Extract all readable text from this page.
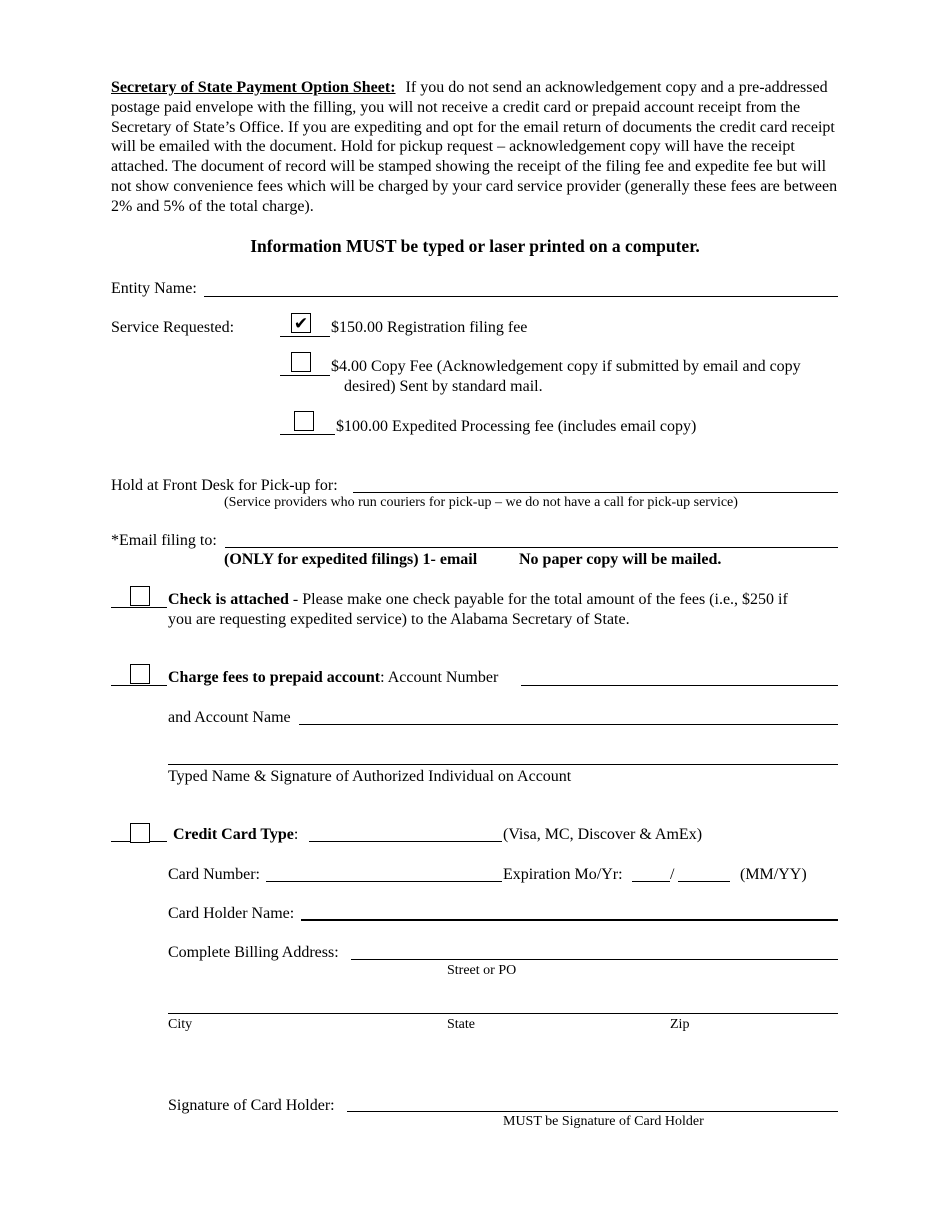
Secretary of State Payment Option Sheet: If you do not send an acknowledgement copy and a pre-addressed postage paid envelope with the filling, you will not receive a credit card or prepaid account receipt from the Secretary of State’s Office. If you are expediting and opt for the email return of documents the credit card receipt will be emailed with the document. Hold for pickup request – acknowledgement copy will have the receipt attached. The document of record will be stamped showing the receipt of the filing fee and expedite fee but will not show convenience fees which will be charged by your card service provider (generally these fees are between 2% and 5% of the total charge).
Information MUST be typed or laser printed on a computer.
Entity Name:
Service Requested:	✔ $150.00 Registration filing fee
$4.00 Copy Fee (Acknowledgement copy if submitted by email and copy
desired) Sent by standard mail.
$100.00 Expedited Processing fee (includes email copy)
Hold at Front Desk for Pick-up for:
(Service providers who run couriers for pick-up – we do not have a call for pick-up service)
*Email filing to:
(ONLY for expedited filings) 1- email	No paper copy will be mailed.
Check is attached - Please make one check payable for the total amount of the fees (i.e., $250 if
you are requesting expedited service) to the Alabama Secretary of State.
Charge fees to prepaid account: Account Number
and Account Name
Typed Name & Signature of Authorized Individual on Account
Credit Card Type:	(Visa, MC, Discover & AmEx)
Card Number:	Expiration Mo/Yr:	/	(MM/YY)
Card Holder Name:
Complete Billing Address:
Street or PO
City	State	Zip
Signature of Card Holder:
MUST be Signature of Card Holder
